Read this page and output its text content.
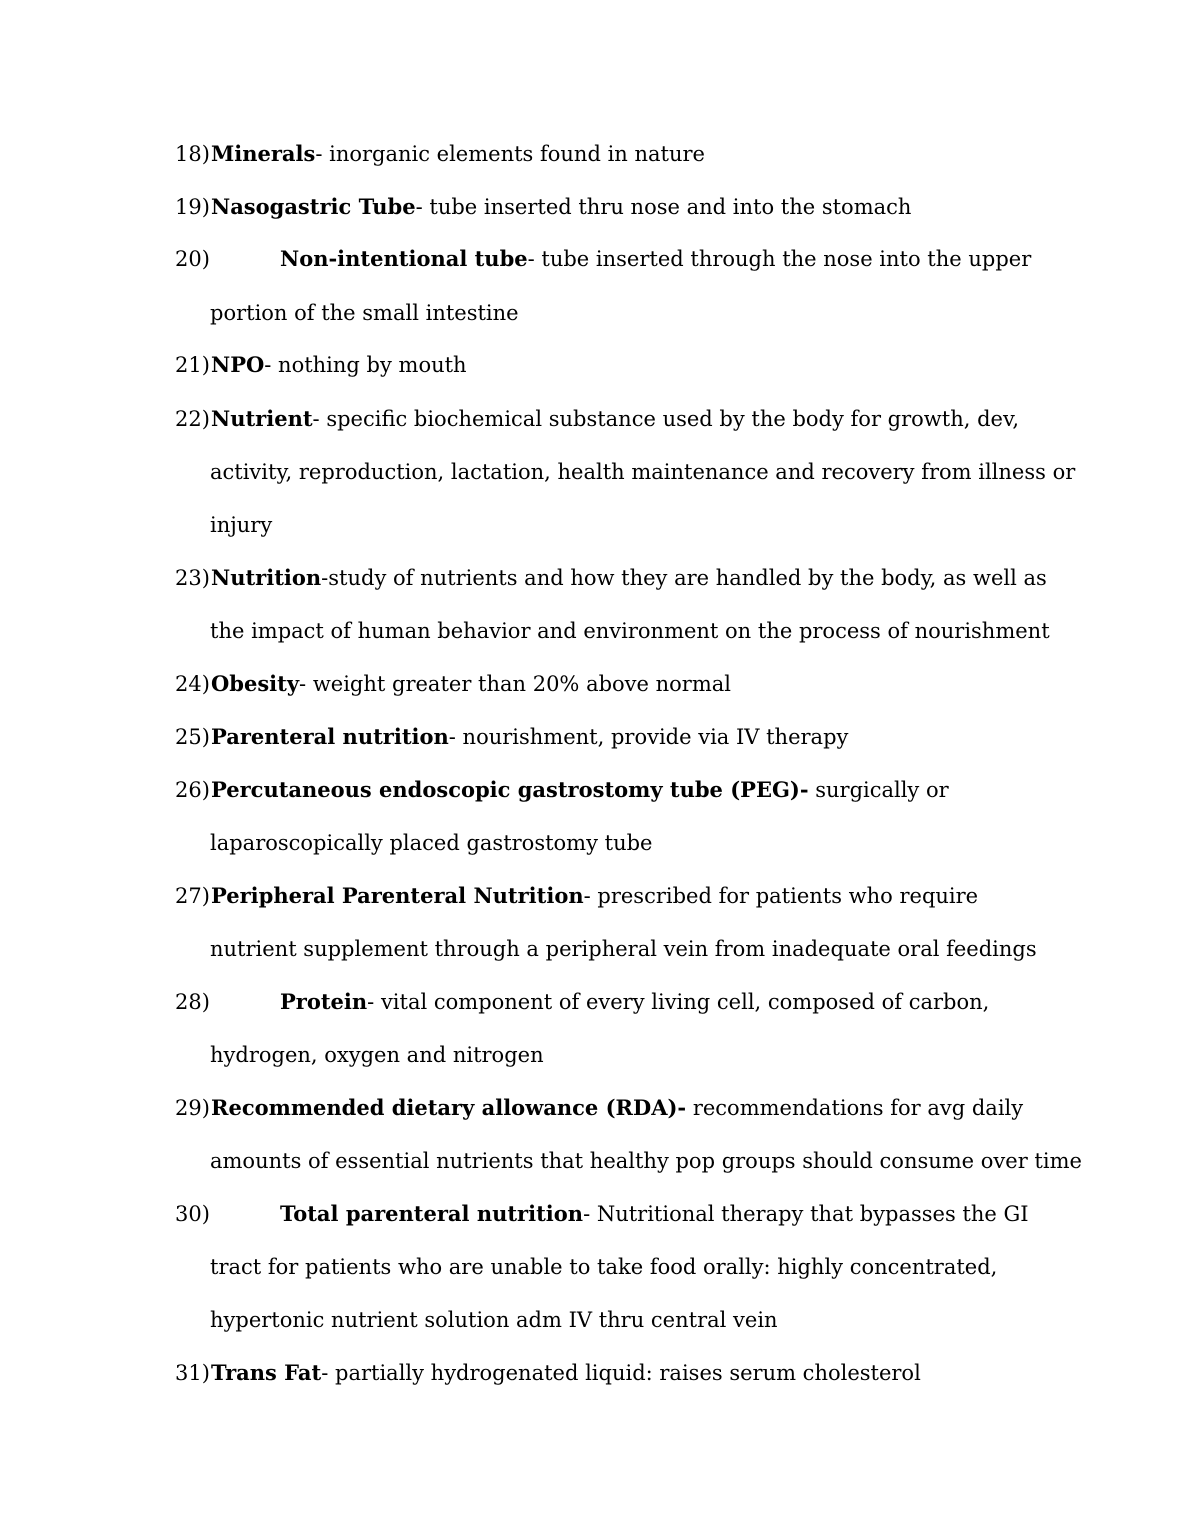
18) Minerals- inorganic elements found in nature
19) Nasogastric Tube- tube inserted thru nose and into the stomach
20)	Non-intentional tube- tube inserted through the nose into the upper
portion of the small intestine
21) NPO- nothing by mouth
22) Nutrient- specific biochemical substance used by the body for growth, dev,
activity, reproduction, lactation, health maintenance and recovery from illness or
injury
23) Nutrition-study of nutrients and how they are handled by the body, as well as
the impact of human behavior and environment on the process of nourishment
24) Obesity- weight greater than 20% above normal
25) Parenteral nutrition- nourishment, provide via IV therapy
26) Percutaneous endoscopic gastrostomy tube (PEG)- surgically or
laparoscopically placed gastrostomy tube
27) Peripheral Parenteral Nutrition- prescribed for patients who require
nutrient supplement through a peripheral vein from inadequate oral feedings
28)	Protein- vital component of every living cell, composed of carbon,
hydrogen, oxygen and nitrogen
29) Recommended dietary allowance (RDA)- recommendations for avg daily
amounts of essential nutrients that healthy pop groups should consume over time
30)	Total parenteral nutrition- Nutritional therapy that bypasses the GI
tract for patients who are unable to take food orally: highly concentrated,
hypertonic nutrient solution adm IV thru central vein
31) Trans Fat- partially hydrogenated liquid: raises serum cholesterol
